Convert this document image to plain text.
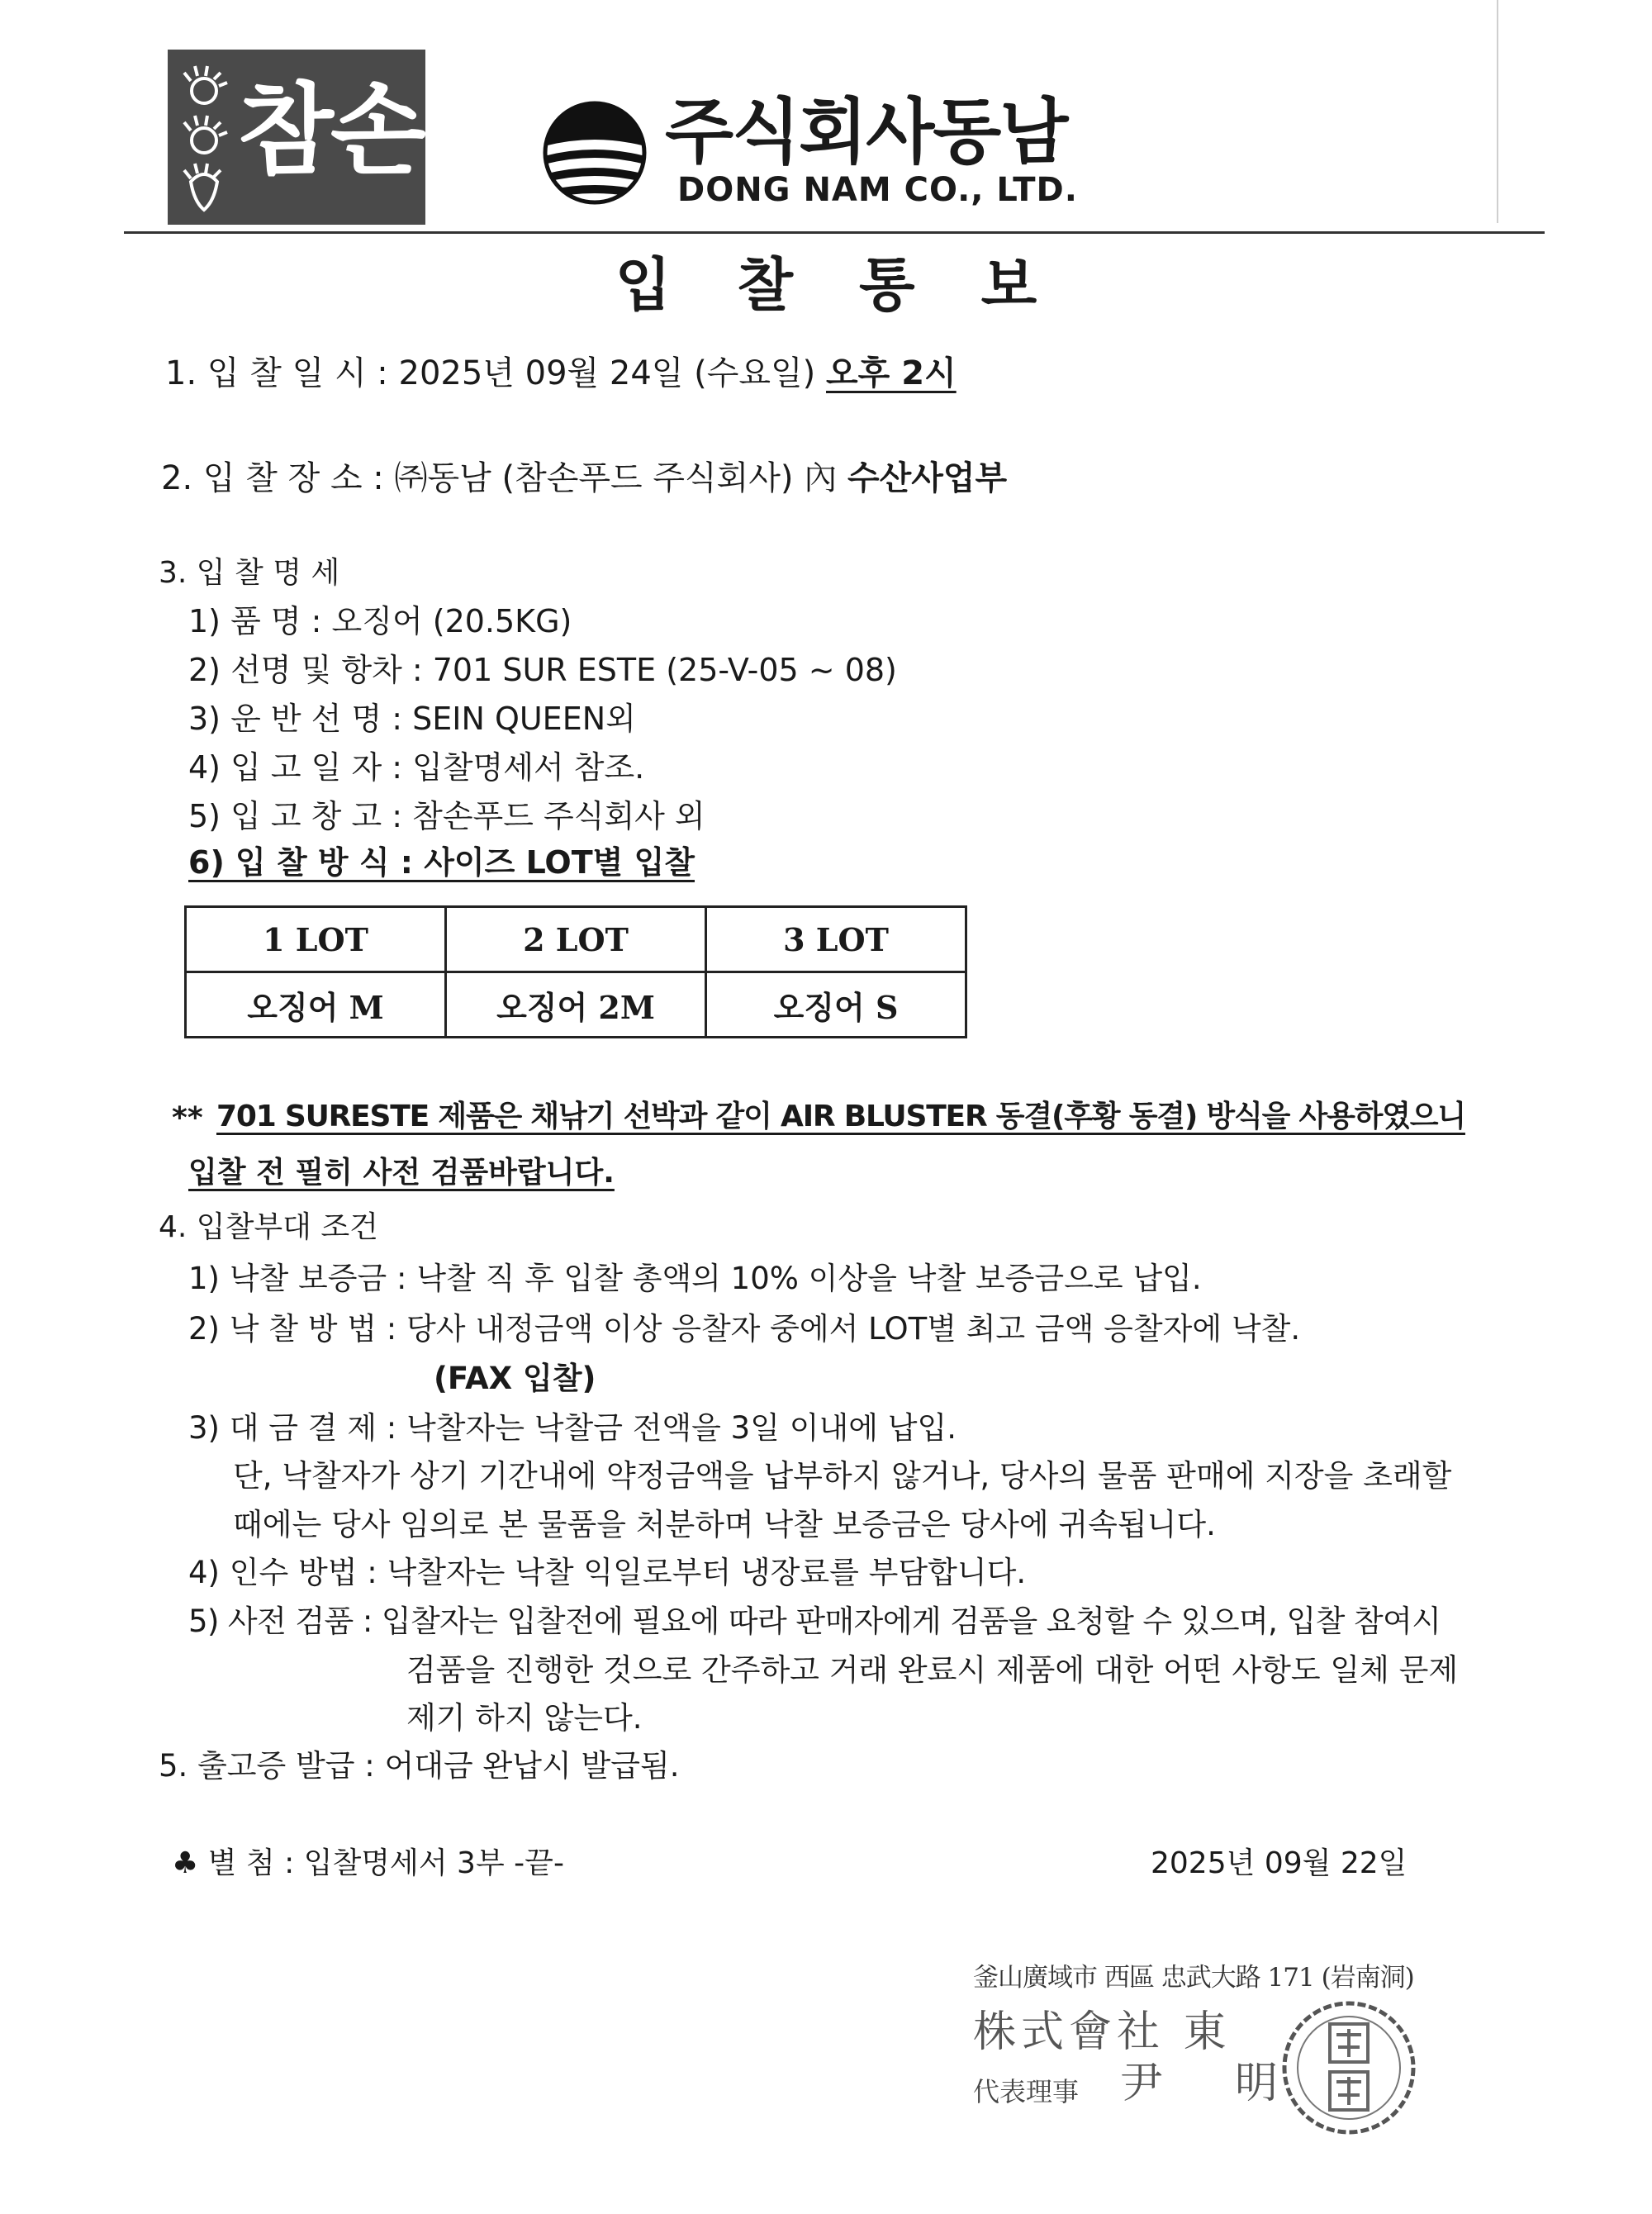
참손	주식회사동남
DONG NAM CO., LTD.
입찰통보
1. 입 찰 일 시 : 2025년 09월 24일 (수요일) 오후 2시
2. 입 찰 장 소 : ㈜동남 (참손푸드 주식회사) 內 수산사업부
3. 입 찰 명 세
1) 품 명 : 오징어 (20.5KG)
2) 선명 및 항차 : 701 SUR ESTE (25-V-05 ~ 08)
3) 운 반 선 명 : SEIN QUEEN외
4) 입 고 일 자 : 입찰명세서 참조.
5) 입 고 창 고 : 참손푸드 주식회사 외
6) 입 찰 방 식 : 사이즈 LOT별 입찰
1 LOT	2 LOT	3 LOT
오징어 M	오징어 2M	오징어 S
** 701 SURESTE 제품은 채낚기 선박과 같이 AIR BLUSTER 동결(후황 동결) 방식을 사용하였으니
입찰 전 필히 사전 검품바랍니다.
4. 입찰부대 조건
1) 낙찰 보증금 : 낙찰 직 후 입찰 총액의 10% 이상을 낙찰 보증금으로 납입.
2) 낙 찰 방 법 : 당사 내정금액 이상 응찰자 중에서 LOT별 최고 금액 응찰자에 낙찰.
(FAX 입찰)
3) 대 금 결 제 : 낙찰자는 낙찰금 전액을 3일 이내에 납입.
단, 낙찰자가 상기 기간내에 약정금액을 납부하지 않거나, 당사의 물품 판매에 지장을 초래할
때에는 당사 임의로 본 물품을 처분하며 낙찰 보증금은 당사에 귀속됩니다.
4) 인수 방법 : 낙찰자는 낙찰 익일로부터 냉장료를 부담합니다.
5) 사전 검품 : 입찰자는 입찰전에 필요에 따라 판매자에게 검품을 요청할 수 있으며, 입찰 참여시
검품을 진행한 것으로 간주하고 거래 완료시 제품에 대한 어떤 사항도 일체 문제
제기 하지 않는다.
5. 출고증 발급 : 어대금 완납시 발급됨.
♣ 별 첨 : 입찰명세서 3부 -끝-	2025년 09월 22일
釜山廣域市 西區 忠武大路 171 (岩南洞)
株式會社 東
代表理事 尹 明
